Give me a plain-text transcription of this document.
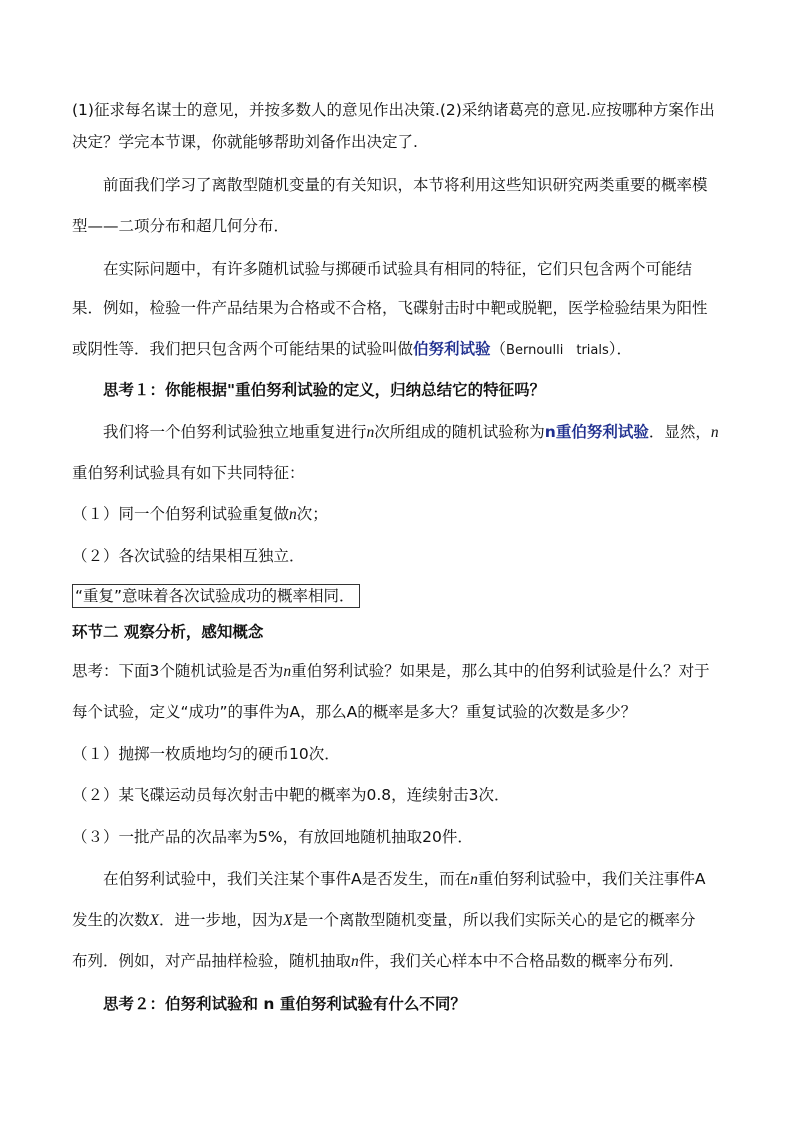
(1)征求每名谋士的意见，并按多数人的意见作出决策.(2)采纳诸葛亮的意见.应按哪种方案作出
决定？学完本节课，你就能够帮助刘备作出决定了.
前面我们学习了离散型随机变量的有关知识，本节将利用这些知识研究两类重要的概率模
型——二项分布和超几何分布．
在实际问题中，有许多随机试验与掷硬币试验具有相同的特征，它们只包含两个可能结
果．例如，检验一件产品结果为合格或不合格，飞碟射击时中靶或脱靶，医学检验结果为阳性
或阴性等．我们把只包含两个可能结果的试验叫做伯努利试验（Bernoulli　trials）．
思考１：你能根据"重伯努利试验的定义，归纳总结它的特征吗？
我们将一个伯努利试验独立地重复进行n次所组成的随机试验称为n重伯努利试验．显然，n
重伯努利试验具有如下共同特征：
（１）同一个伯努利试验重复做n次；
（２）各次试验的结果相互独立．
“重复”意味着各次试验成功的概率相同．
环节二 观察分析，感知概念
思考：下面3个随机试验是否为n重伯努利试验？如果是，那么其中的伯努利试验是什么？对于
每个试验，定义“成功”的事件为A，那么A的概率是多大？重复试验的次数是多少？
（１）抛掷一枚质地均匀的硬币10次．
（２）某飞碟运动员每次射击中靶的概率为0.8，连续射击3次．
（３）一批产品的次品率为5%，有放回地随机抽取20件．
在伯努利试验中，我们关注某个事件A是否发生，而在n重伯努利试验中，我们关注事件A
发生的次数X．进一步地，因为X是一个离散型随机变量，所以我们实际关心的是它的概率分
布列．例如，对产品抽样检验，随机抽取n件，我们关心样本中不合格品数的概率分布列．
思考２：伯努利试验和 n 重伯努利试验有什么不同？
